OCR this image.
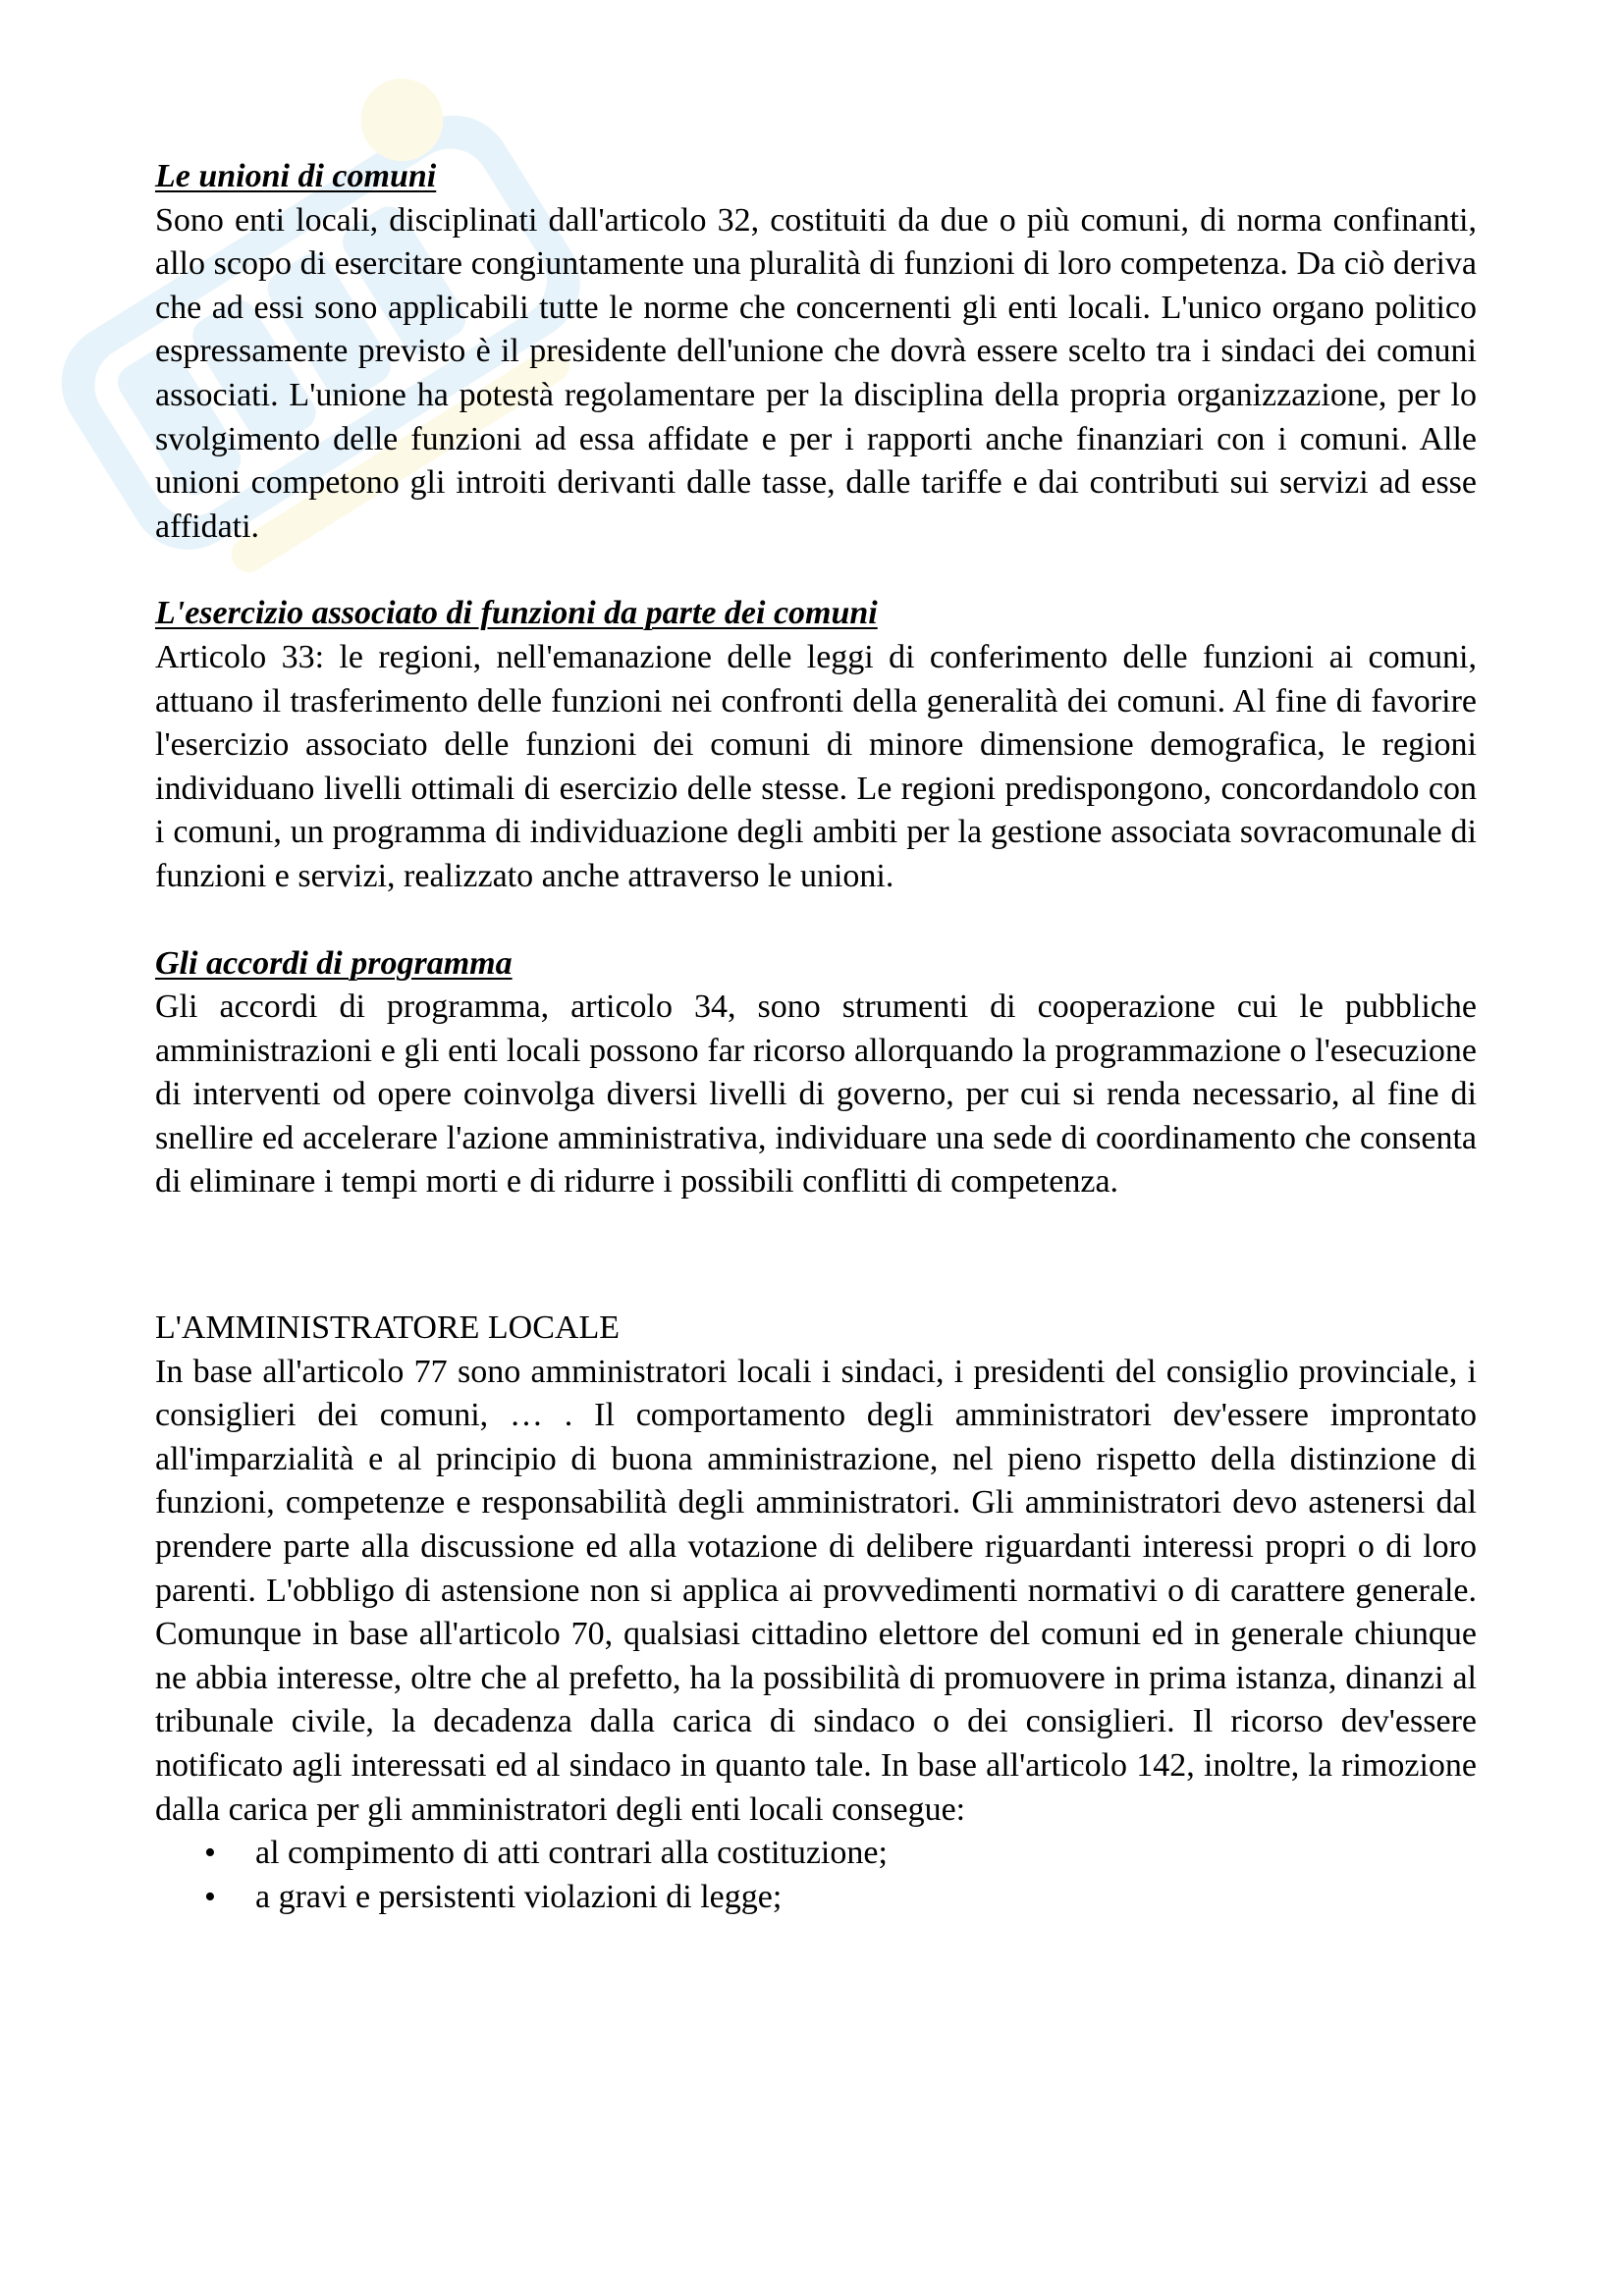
Le unioni di comuni

Sono enti locali, disciplinati dall'articolo 32, costituiti da due o più comuni, di norma confinanti, allo scopo di esercitare congiuntamente una pluralità di funzioni di loro competenza. Da ciò deriva che ad essi sono applicabili tutte le norme che concernenti gli enti locali. L'unico organo politico espressamente previsto è il presidente dell'unione che dovrà essere scelto tra i sindaci dei comuni associati. L'unione ha potestà regolamentare per la disciplina della propria organizzazione, per lo svolgimento delle funzioni ad essa affidate e per i rapporti anche finanziari con i comuni. Alle unioni competono gli introiti derivanti dalle tasse, dalle tariffe e dai contributi sui servizi ad esse affidati.

L'esercizio associato di funzioni da parte dei comuni

Articolo 33: le regioni, nell'emanazione delle leggi di conferimento delle funzioni ai comuni, attuano il trasferimento delle funzioni nei confronti della generalità dei comuni. Al fine di favorire l'esercizio associato delle funzioni dei comuni di minore dimensione demografica, le regioni individuano livelli ottimali di esercizio delle stesse. Le regioni predispongono, concordandolo con i comuni, un programma di individuazione degli ambiti per la gestione associata sovracomunale di funzioni e servizi, realizzato anche attraverso le unioni.

Gli accordi di programma

Gli accordi di programma, articolo 34, sono strumenti di cooperazione cui le pubbliche amministrazioni e gli enti locali possono far ricorso allorquando la programmazione o l'esecuzione di interventi od opere coinvolga diversi livelli di governo, per cui si renda necessario, al fine di snellire ed accelerare l'azione amministrativa, individuare una sede di coordinamento che consenta di eliminare i tempi morti e di ridurre i possibili conflitti di competenza.

L'AMMINISTRATORE LOCALE

In base all'articolo 77 sono amministratori locali i sindaci, i presidenti del consiglio provinciale, i consiglieri dei comuni, … . Il comportamento degli amministratori dev'essere improntato all'imparzialità e al principio di buona amministrazione, nel pieno rispetto della distinzione di funzioni, competenze e responsabilità degli amministratori. Gli amministratori devo astenersi dal prendere parte alla discussione ed alla votazione di delibere riguardanti interessi propri o di loro parenti. L'obbligo di astensione non si applica ai provvedimenti normativi o di carattere generale. Comunque in base all'articolo 70, qualsiasi cittadino elettore del comuni ed in generale chiunque ne abbia interesse, oltre che al prefetto, ha la possibilità di promuovere in prima istanza, dinanzi al tribunale civile, la decadenza dalla carica di sindaco o dei consiglieri. Il ricorso dev'essere notificato agli interessati ed al sindaco in quanto tale. In base all'articolo 142, inoltre, la rimozione dalla carica per gli amministratori degli enti locali consegue:

• al compimento di atti contrari alla costituzione;
• a gravi e persistenti violazioni di legge;
